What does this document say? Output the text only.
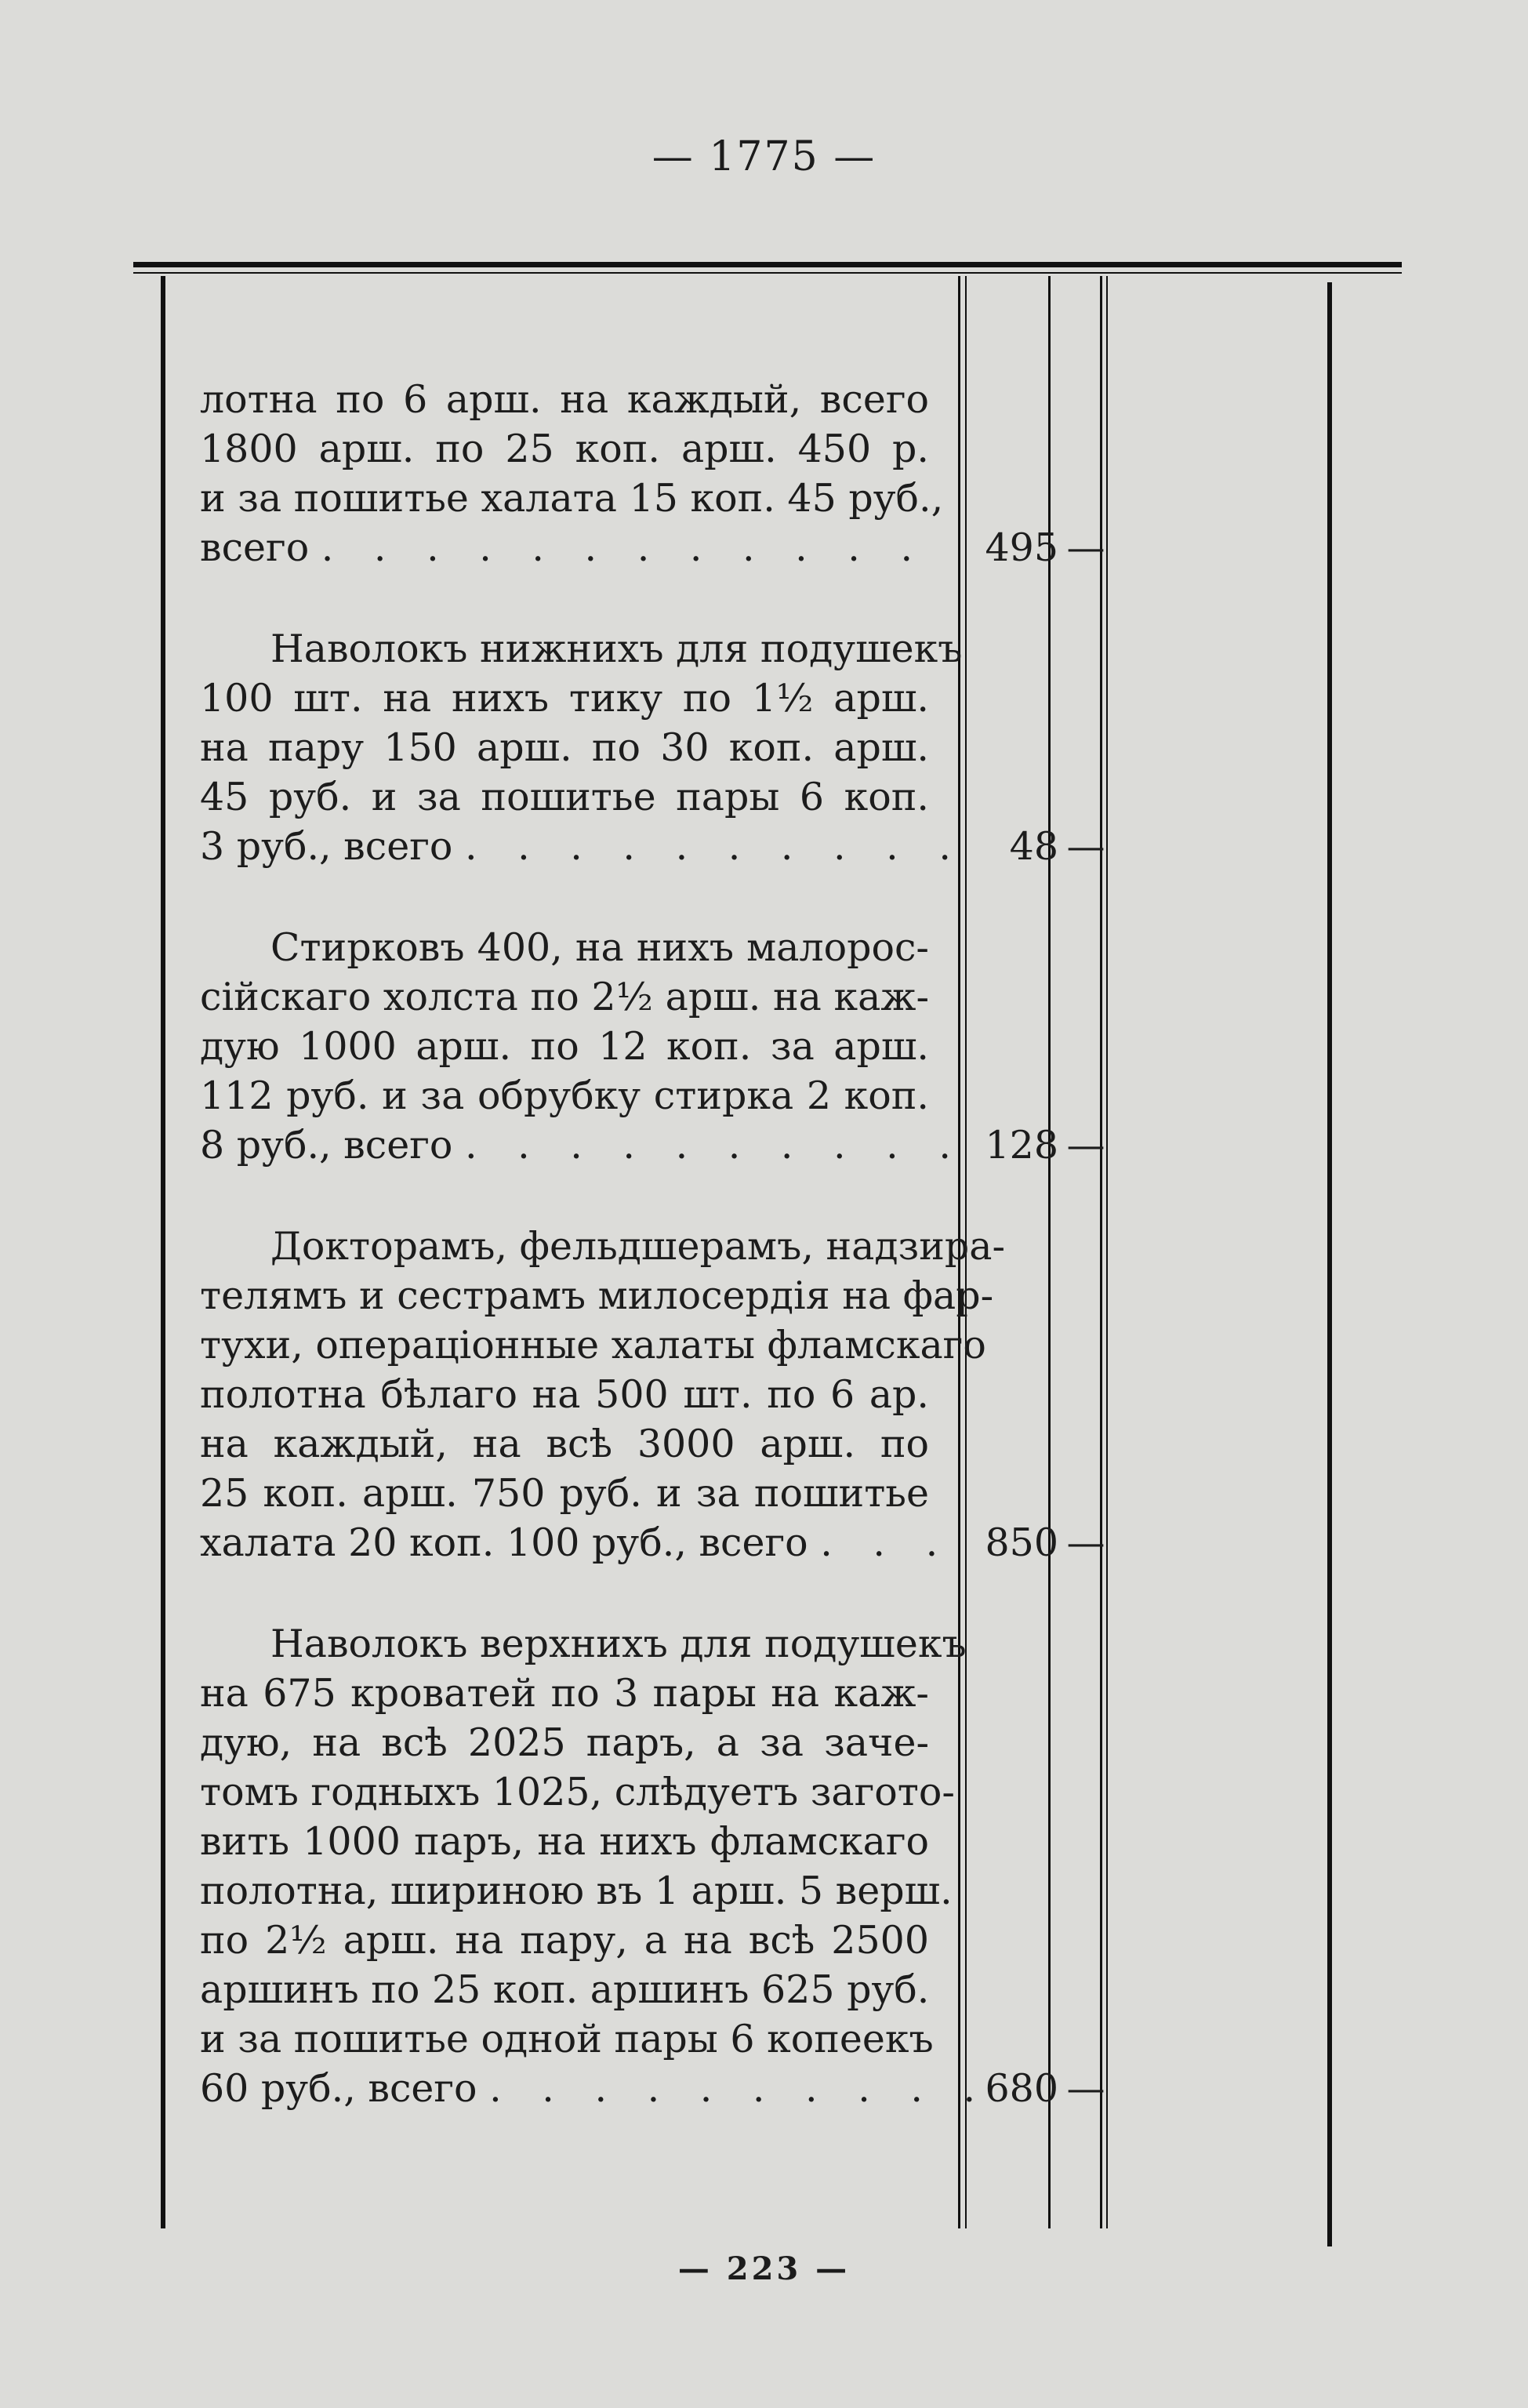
— 1775 —
лотна по 6 арш. на каждый, всего
1800 арш. по 25 коп. арш. 450 р.
и за пошитье халата 15 коп. 45 руб.,
всего . . . . . . . . . . . . 495 —
Наволокъ нижнихъ для подушекъ
100 шт. на нихъ тику по 1½ арш.
на пару 150 арш. по 30 коп. арш.
45 руб. и за пошитье пары 6 коп.
3 руб., всего . . . . . . . . . . 48 —
Стирковъ 400, на нихъ малорос-
сійскаго холста по 2½ арш. на каж-
дую 1000 арш. по 12 коп. за арш.
112 руб. и за обрубку стирка 2 коп.
8 руб., всего . . . . . . . . . . 128 —
Докторамъ, фельдшерамъ, надзира-
телямъ и сестрамъ милосердія на фар-
тухи, операціонные халаты фламскаго
полотна бѣлаго на 500 шт. по 6 ар.
на каждый, на всѣ 3000 арш. по
25 коп. арш. 750 руб. и за пошитье
халата 20 коп. 100 руб., всего . . . 850 —
Наволокъ верхнихъ для подушекъ
на 675 кроватей по 3 пары на каж-
дую, на всѣ 2025 паръ, а за заче-
томъ годныхъ 1025, слѣдуетъ загото-
вить 1000 паръ, на нихъ фламскаго
полотна, шириною въ 1 арш. 5 верш.
по 2½ арш. на пару, а на всѣ 2500
аршинъ по 25 коп. аршинъ 625 руб.
и за пошитье одной пары 6 копеекъ
60 руб., всего . . . . . . . . . .
680 —
— 223 —
